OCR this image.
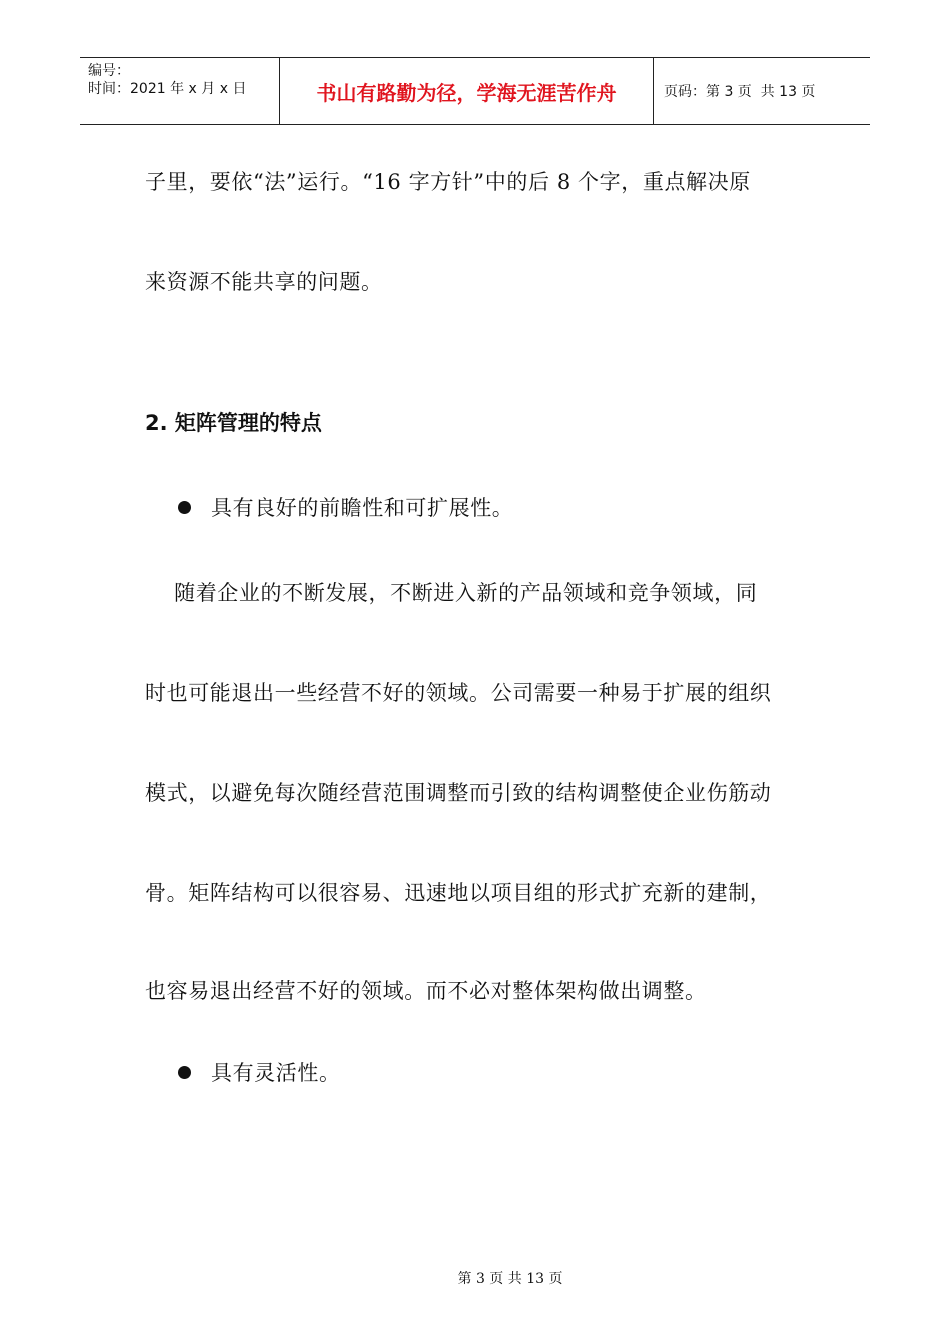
编号：
时间：2021 年 x 月 x 日	书山有路勤为径，学海无涯苦作舟	页码：第 3 页  共 13 页
子里，要依“法”运行。“16 字方针”中的后 8 个字，重点解决原
来资源不能共享的问题。
2. 矩阵管理的特点
具有良好的前瞻性和可扩展性。
随着企业的不断发展，不断进入新的产品领域和竞争领域，同
时也可能退出一些经营不好的领域。公司需要一种易于扩展的组织
模式，以避免每次随经营范围调整而引致的结构调整使企业伤筋动
骨。矩阵结构可以很容易、迅速地以项目组的形式扩充新的建制，
也容易退出经营不好的领域。而不必对整体架构做出调整。
具有灵活性。
第 3 页 共 13 页
